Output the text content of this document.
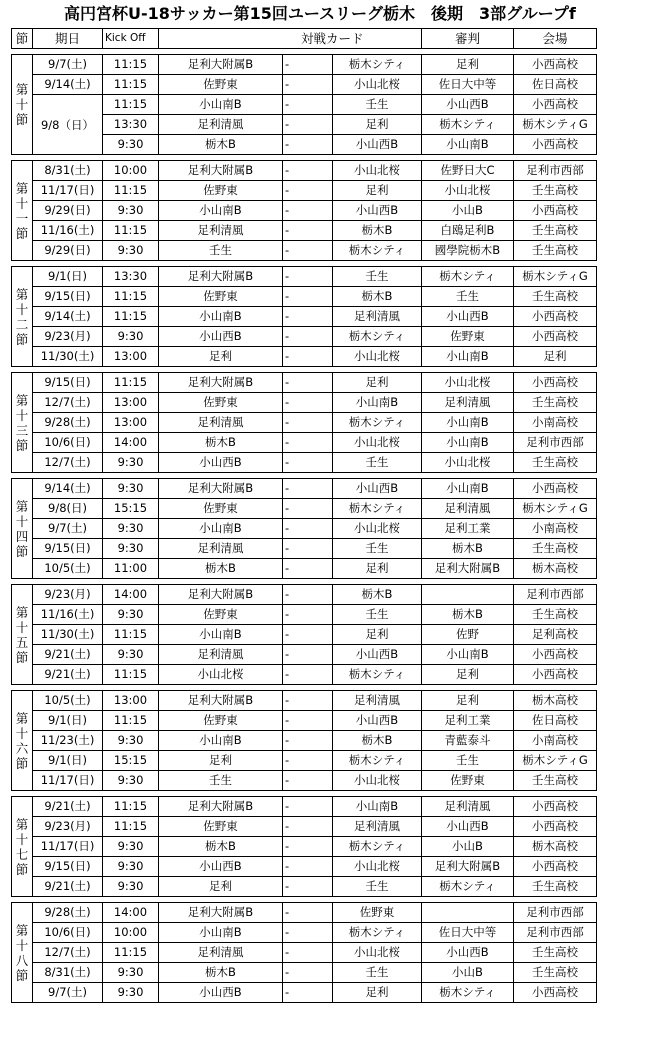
高円宮杯U-18サッカー第15回ユースリーグ栃木　後期　3部グループf
節	期日	Kick Off	対戦カード				審判	会場

第十節	9/7(土)	11:15	足利大附属B	-		栃木シティ	足利	小西高校
	9/14(土)	11:15	佐野東	-		小山北桜	佐日大中等	佐日高校
	9/8（日）	11:15	小山南B	-		壬生	小山西B	小西高校
		13:30	足利清風	-		足利	栃木シティ	栃木シティG
		9:30	栃木B	-		小山西B	小山南B	小西高校

第十一節	8/31(土)	10:00	足利大附属B	-		小山北桜	佐野日大C	足利市西部
	11/17(日)	11:15	佐野東	-		足利	小山北桜	壬生高校
	9/29(日)	9:30	小山南B	-		小山西B	小山B	小西高校
	11/16(土)	11:15	足利清風	-		栃木B	白鴎足利B	壬生高校
	9/29(日)	9:30	壬生	-		栃木シティ	國學院栃木B	壬生高校

第十二節	9/1(日)	13:30	足利大附属B	-		壬生	栃木シティ	栃木シティG
	9/15(日)	11:15	佐野東	-		栃木B	壬生	壬生高校
	9/14(土)	11:15	小山南B	-		足利清風	小山西B	小西高校
	9/23(月)	9:30	小山西B	-		栃木シティ	佐野東	小西高校
	11/30(土)	13:00	足利	-		小山北桜	小山南B	足利

第十三節	9/15(日)	11:15	足利大附属B	-		足利	小山北桜	小西高校
	12/7(土)	13:00	佐野東	-		小山南B	足利清風	壬生高校
	9/28(土)	13:00	足利清風	-		栃木シティ	小山南B	小南高校
	10/6(日)	14:00	栃木B	-		小山北桜	小山南B	足利市西部
	12/7(土)	9:30	小山西B	-		壬生	小山北桜	壬生高校

第十四節	9/14(土)	9:30	足利大附属B	-		小山西B	小山南B	小西高校
	9/8(日)	15:15	佐野東	-		栃木シティ	足利清風	栃木シティG
	9/7(土)	9:30	小山南B	-		小山北桜	足利工業	小南高校
	9/15(日)	9:30	足利清風	-		壬生	栃木B	壬生高校
	10/5(土)	11:00	栃木B	-		足利	足利大附属B	栃木高校

第十五節	9/23(月)	14:00	足利大附属B	-		栃木B		足利市西部
	11/16(土)	9:30	佐野東	-		壬生	栃木B	壬生高校
	11/30(土)	11:15	小山南B	-		足利	佐野	足利高校
	9/21(土)	9:30	足利清風	-		小山西B	小山南B	小西高校
	9/21(土)	11:15	小山北桜	-		栃木シティ	足利	小西高校

第十六節	10/5(土)	13:00	足利大附属B	-		足利清風	足利	栃木高校
	9/1(日)	11:15	佐野東	-		小山西B	足利工業	佐日高校
	11/23(土)	9:30	小山南B	-		栃木B	青藍泰斗	小南高校
	9/1(日)	15:15	足利	-		栃木シティ	壬生	栃木シティG
	11/17(日)	9:30	壬生	-		小山北桜	佐野東	壬生高校

第十七節	9/21(土)	11:15	足利大附属B	-		小山南B	足利清風	小西高校
	9/23(月)	11:15	佐野東	-		足利清風	小山西B	小西高校
	11/17(日)	9:30	栃木B	-		栃木シティ	小山B	栃木高校
	9/15(日)	9:30	小山西B	-		小山北桜	足利大附属B	小西高校
	9/21(土)	9:30	足利	-		壬生	栃木シティ	壬生高校

第十八節	9/28(土)	14:00	足利大附属B	-		佐野東		足利市西部
	10/6(日)	10:00	小山南B	-		栃木シティ	佐日大中等	足利市西部
	12/7(土)	11:15	足利清風	-		小山北桜	小山西B	壬生高校
	8/31(土)	9:30	栃木B	-		壬生	小山B	壬生高校
	9/7(土)	9:30	小山西B	-		足利	栃木シティ	小西高校
